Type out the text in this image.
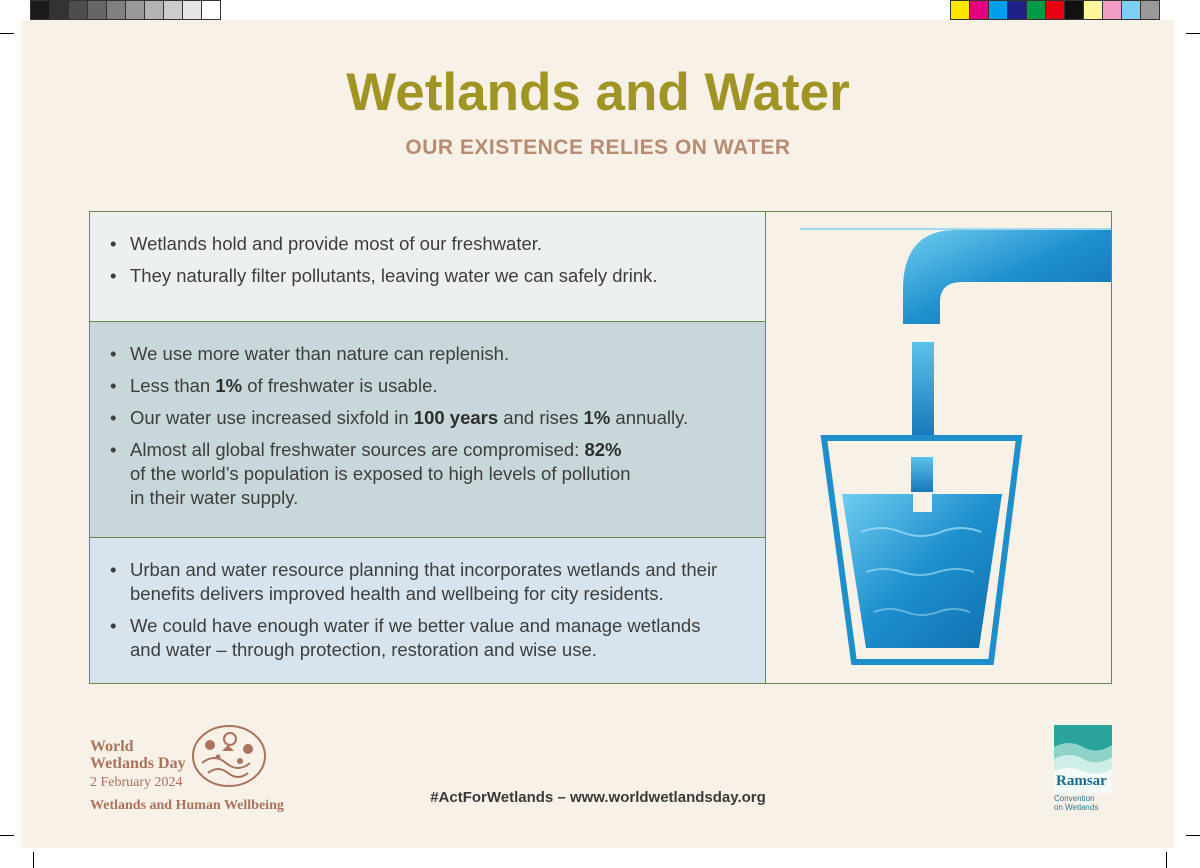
Wetlands and Water
OUR EXISTENCE RELIES ON WATER
• Wetlands hold and provide most of our freshwater.
• They naturally filter pollutants, leaving water we can safely drink.
• We use more water than nature can replenish.
• Less than 1% of freshwater is usable.
• Our water use increased sixfold in 100 years and rises 1% annually.
• Almost all global freshwater sources are compromised: 82%
of the world’s population is exposed to high levels of pollution
in their water supply.
• Urban and water resource planning that incorporates wetlands and their
benefits delivers improved health and wellbeing for city residents.
• We could have enough water if we better value and manage wetlands
and water – through protection, restoration and wise use.
World
Wetlands Day
2 February 2024
Wetlands and Human Wellbeing	#ActForWetlands – www.worldwetlandsday.org
Ramsar
Convention
on Wetlands
